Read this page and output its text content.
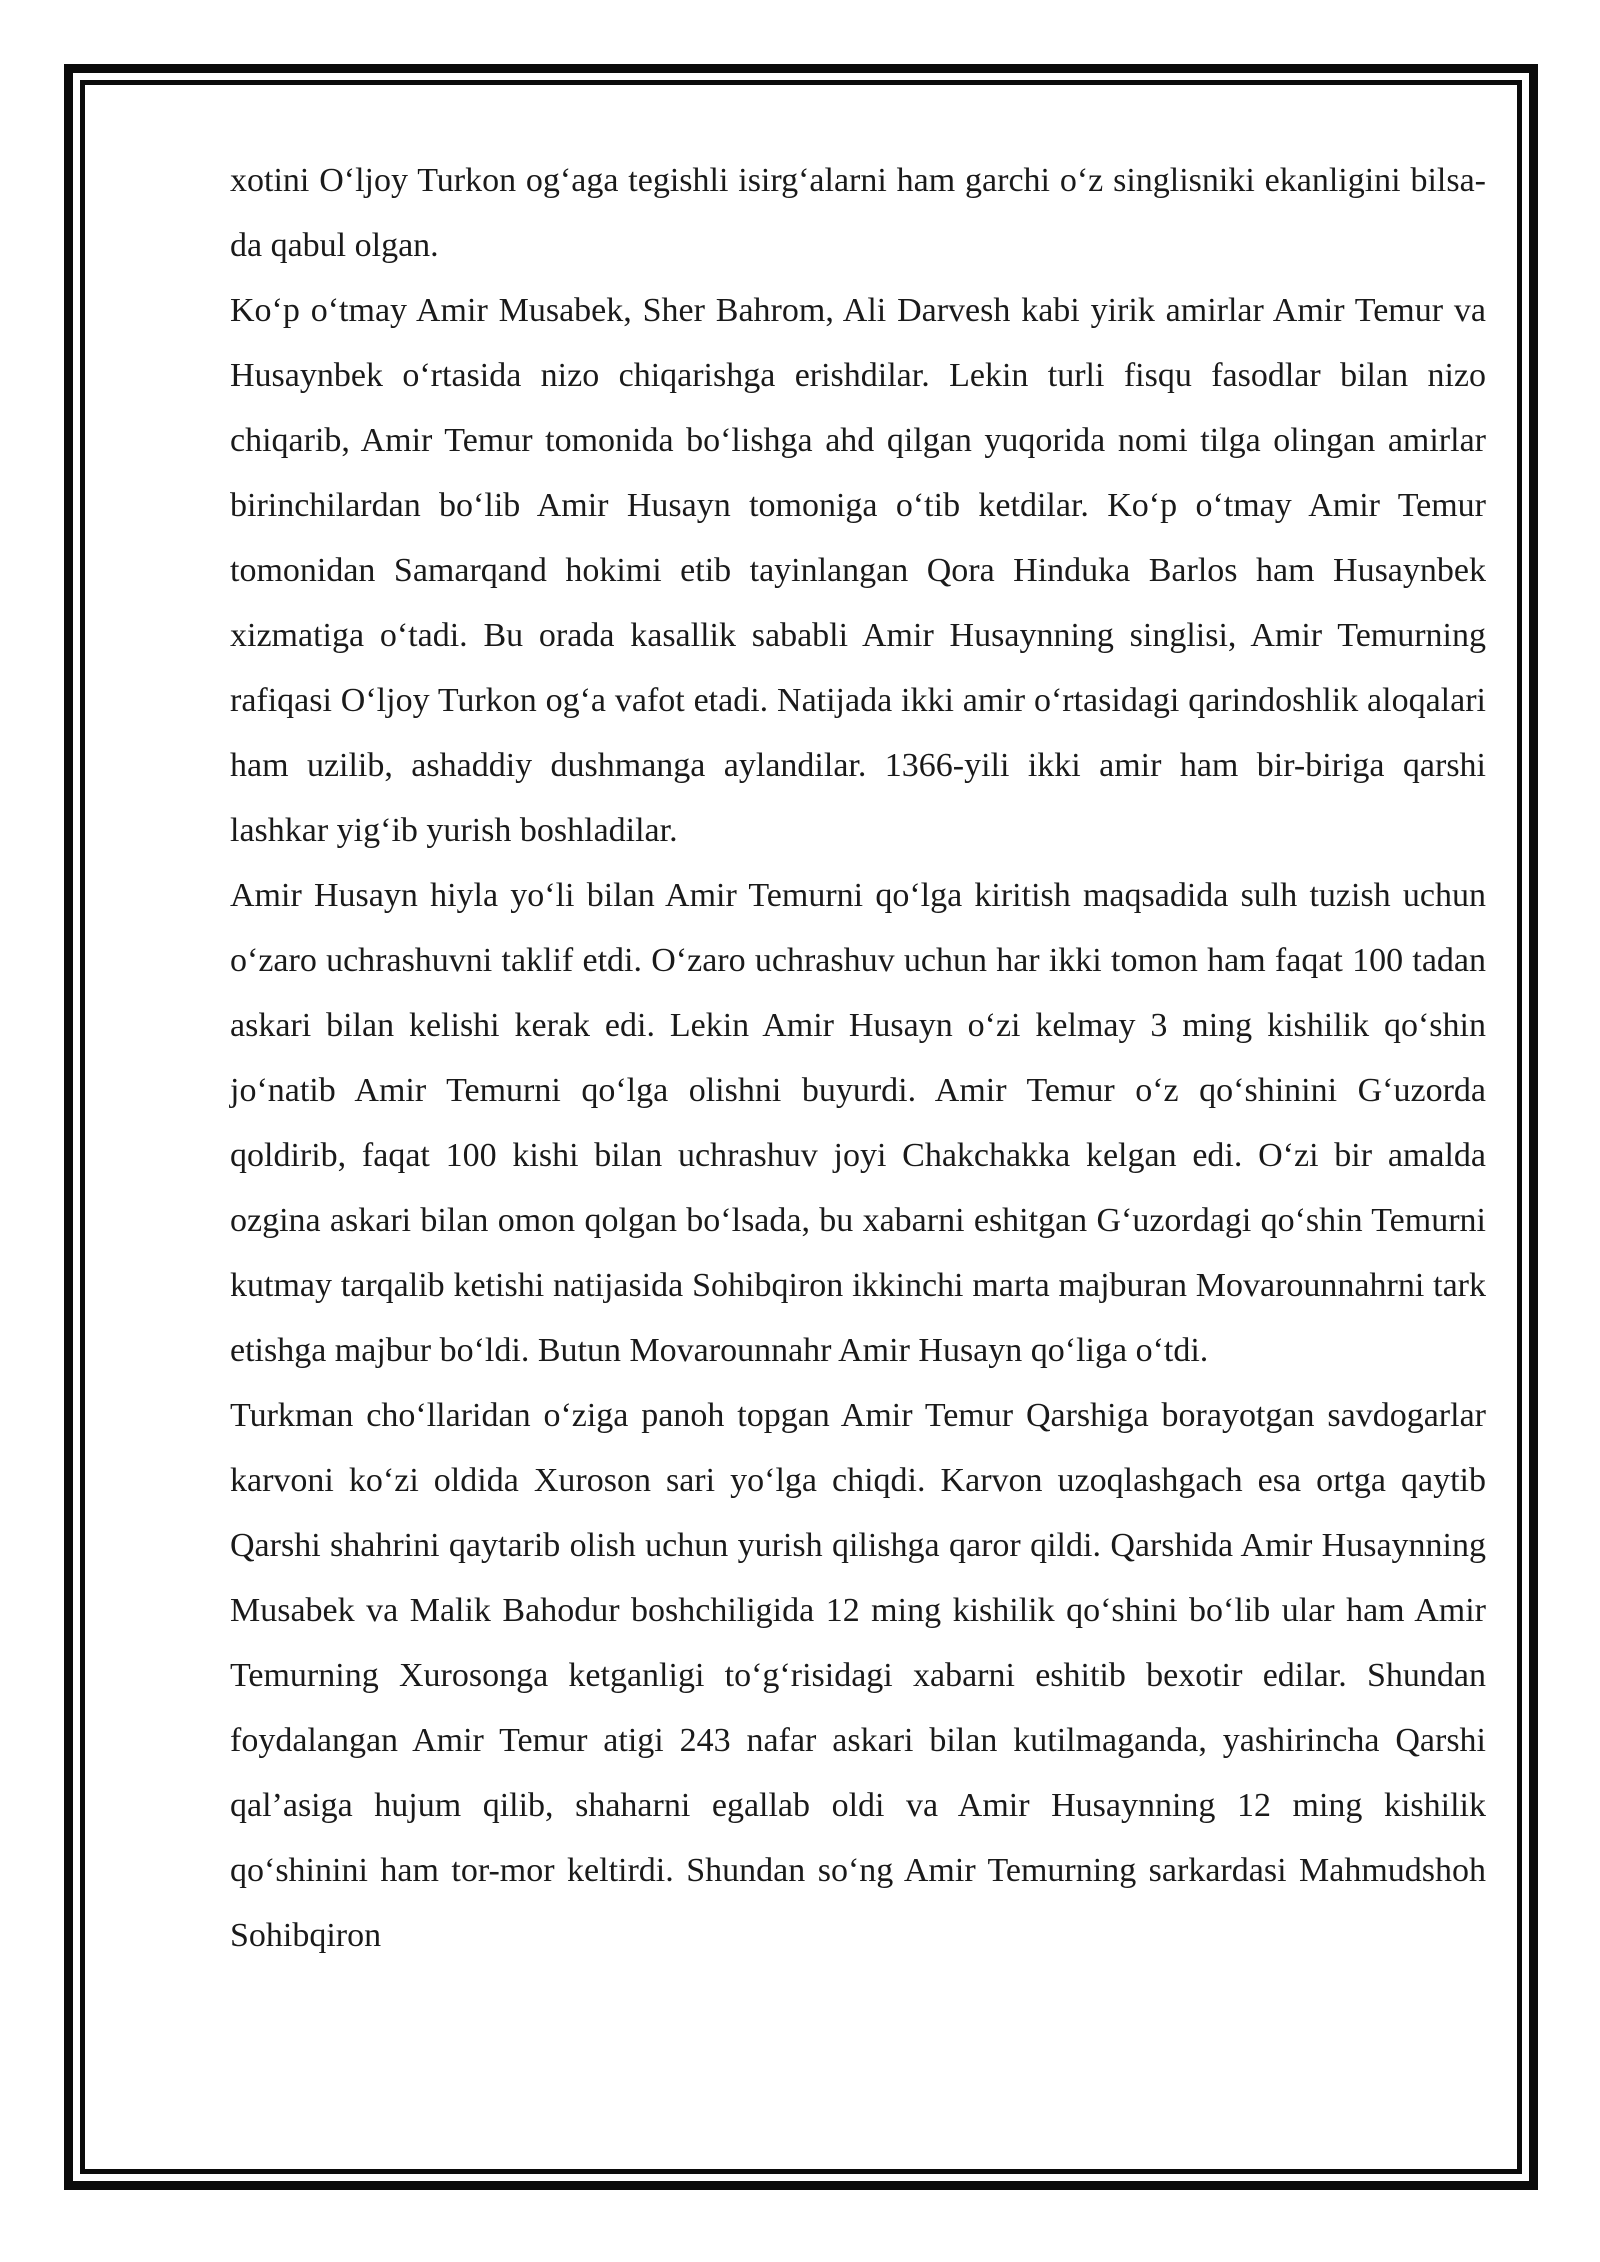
xotini O‘ljoy Turkon og‘aga tegishli isirg‘alarni ham garchi o‘z singlisniki ekanligini bilsa-da qabul olgan.

Ko‘p o‘tmay Amir Musabek, Sher Bahrom, Ali Darvesh kabi yirik amirlar Amir Temur va Husaynbek o‘rtasida nizo chiqarishga erishdilar. Lekin turli fisqu fasodlar bilan nizo chiqarib, Amir Temur tomonida bo‘lishga ahd qilgan yuqorida nomi tilga olingan amirlar birinchilardan bo‘lib Amir Husayn tomoniga o‘tib ketdilar. Ko‘p o‘tmay Amir Temur tomonidan Samarqand hokimi etib tayinlangan Qora Hinduka Barlos ham Husaynbek xizmatiga o‘tadi. Bu orada kasallik sababli Amir Husaynning singlisi, Amir Temurning rafiqasi O‘ljoy Turkon og‘a vafot etadi. Natijada ikki amir o‘rtasidagi qarindoshlik aloqalari ham uzilib, ashaddiy dushmanga aylandilar. 1366-yili ikki amir ham bir-biriga qarshi lashkar yig‘ib yurish boshladilar.

Amir Husayn hiyla yo‘li bilan Amir Temurni qo‘lga kiritish maqsadida sulh tuzish uchun o‘zaro uchrashuvni taklif etdi. O‘zaro uchrashuv uchun har ikki tomon ham faqat 100 tadan askari bilan kelishi kerak edi. Lekin Amir Husayn o‘zi kelmay 3 ming kishilik qo‘shin jo‘natib Amir Temurni qo‘lga olishni buyurdi. Amir Temur o‘z qo‘shinini G‘uzorda qoldirib, faqat 100 kishi bilan uchrashuv joyi Chakchakka kelgan edi. O‘zi bir amalda ozgina askari bilan omon qolgan bo‘lsada, bu xabarni eshitgan G‘uzordagi qo‘shin Temurni kutmay tarqalib ketishi natijasida Sohibqiron ikkinchi marta majburan Movarounnahrni tark etishga majbur bo‘ldi. Butun Movarounnahr Amir Husayn qo‘liga o‘tdi.

Turkman cho‘llaridan o‘ziga panoh topgan Amir Temur Qarshiga borayotgan savdogarlar karvoni ko‘zi oldida Xuroson sari yo‘lga chiqdi. Karvon uzoqlashgach esa ortga qaytib Qarshi shahrini qaytarib olish uchun yurish qilishga qaror qildi. Qarshida Amir Husaynning Musabek va Malik Bahodur boshchiligida 12 ming kishilik qo‘shini bo‘lib ular ham Amir Temurning Xurosonga ketganligi to‘g‘risidagi xabarni eshitib bexotir edilar. Shundan foydalangan Amir Temur atigi 243 nafar askari bilan kutilmaganda, yashirincha Qarshi qal’asiga hujum qilib, shaharni egallab oldi va Amir Husaynning 12 ming kishilik qo‘shinini ham tor-mor keltirdi. Shundan so‘ng Amir Temurning sarkardasi Mahmudshoh Sohibqiron
